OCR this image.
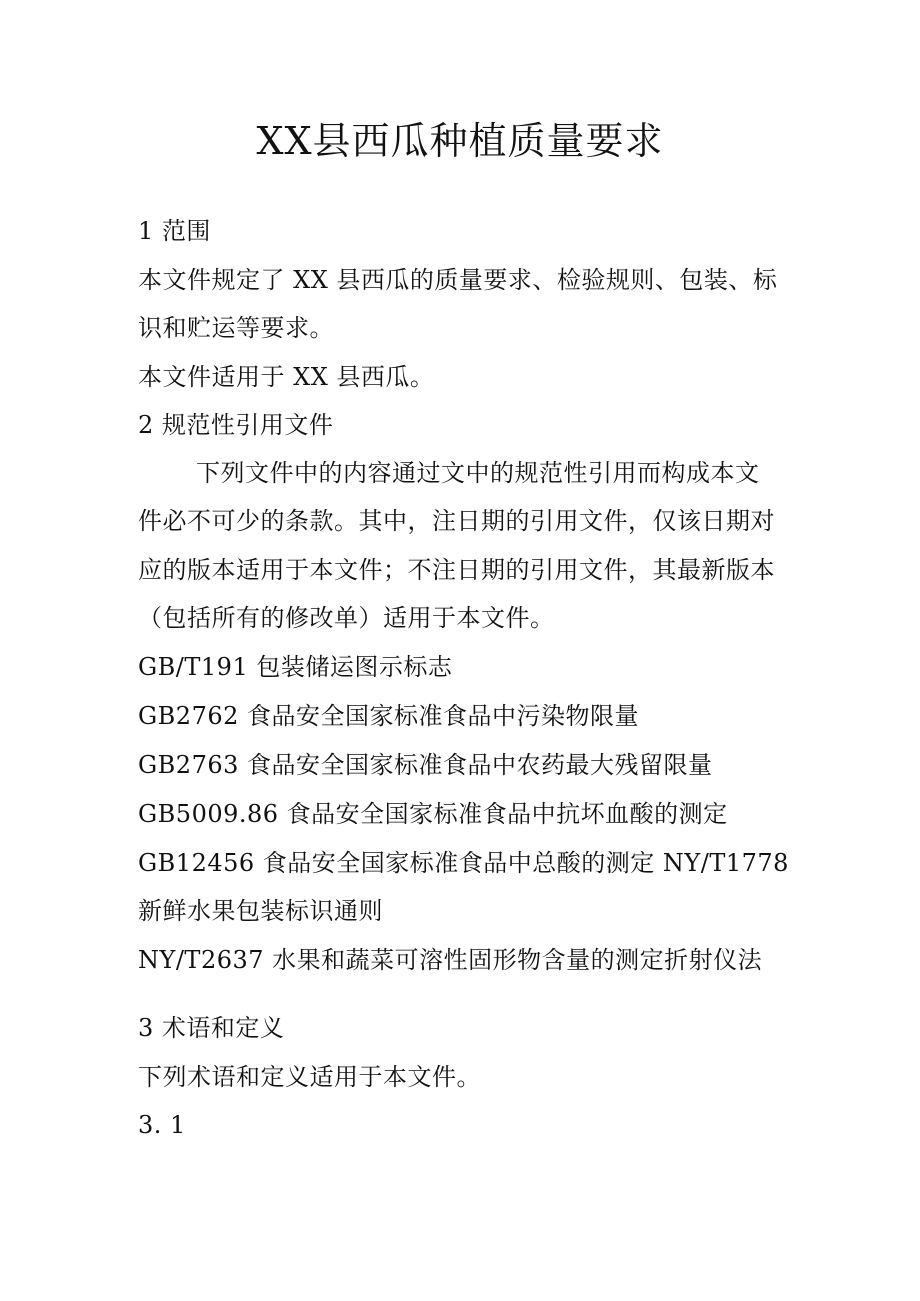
XX县西瓜种植质量要求
1 范围
本文件规定了 XX 县西瓜的质量要求、检验规则、包装、标
识和贮运等要求。
本文件适用于 XX 县西瓜。
2 规范性引用文件
下列文件中的内容通过文中的规范性引用而构成本文
件必不可少的条款。其中，注日期的引用文件，仅该日期对
应的版本适用于本文件；不注日期的引用文件，其最新版本
（包括所有的修改单）适用于本文件。
GB/T191 包装储运图示标志
GB2762 食品安全国家标准食品中污染物限量
GB2763 食品安全国家标准食品中农药最大残留限量
GB5009.86 食品安全国家标准食品中抗坏血酸的测定
GB12456 食品安全国家标准食品中总酸的测定 NY/T1778
新鲜水果包装标识通则
NY/T2637 水果和蔬菜可溶性固形物含量的测定折射仪法
3 术语和定义
下列术语和定义适用于本文件。
3. 1
